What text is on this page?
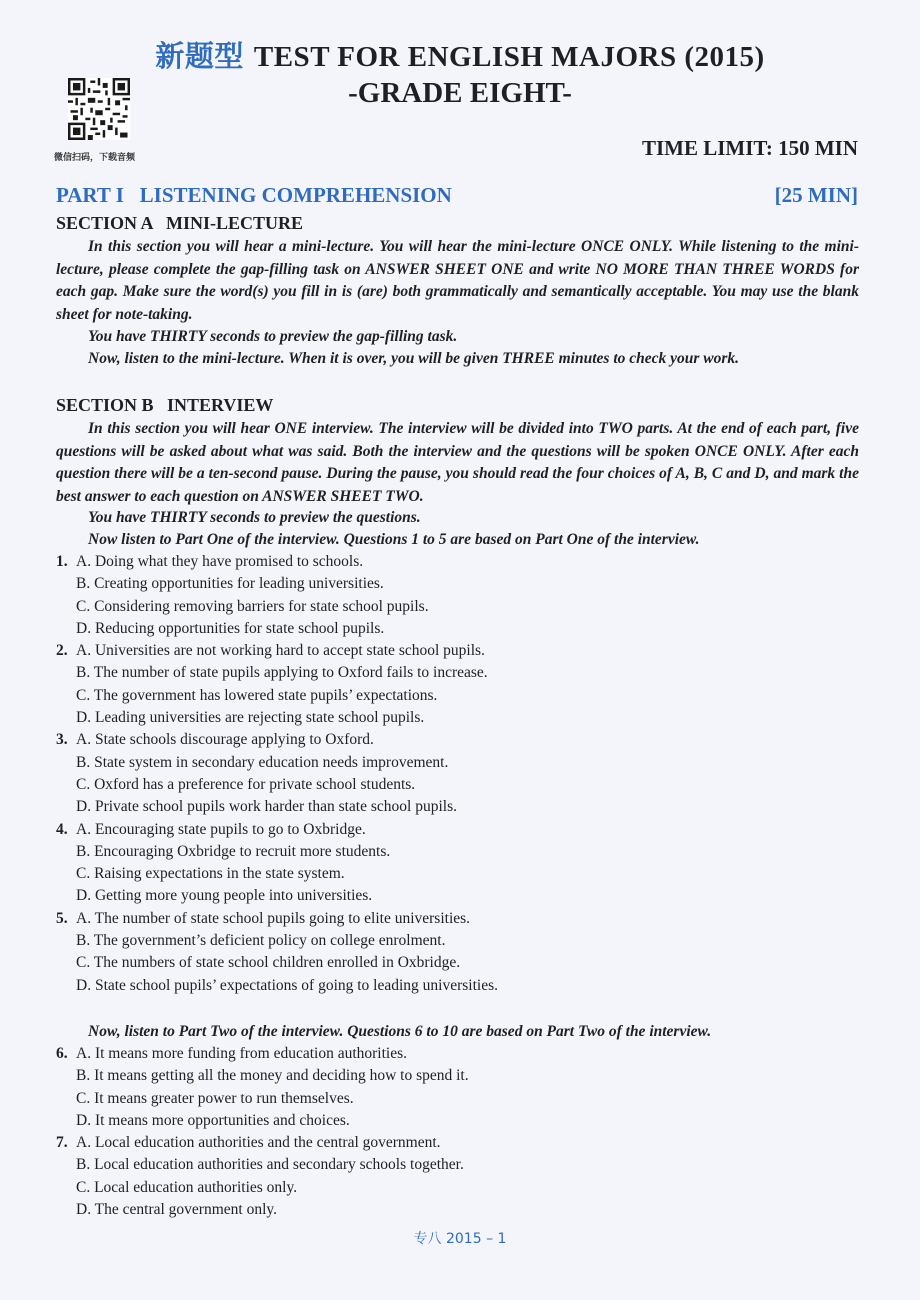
新题型 TEST FOR ENGLISH MAJORS (2015)
-GRADE EIGHT-
微信扫码，下载音频	TIME LIMIT: 150 MIN
PART I   LISTENING COMPREHENSION	[25 MIN]
SECTION A   MINI-LECTURE
In this section you will hear a mini-lecture. You will hear the mini-lecture ONCE ONLY. While listening to the mini-lecture, please complete the gap-filling task on ANSWER SHEET ONE and write NO MORE THAN THREE WORDS for each gap. Make sure the word(s) you fill in is (are) both grammatically and semantically acceptable. You may use the blank sheet for note-taking.
You have THIRTY seconds to preview the gap-filling task.
Now, listen to the mini-lecture. When it is over, you will be given THREE minutes to check your work.
SECTION B   INTERVIEW
In this section you will hear ONE interview. The interview will be divided into TWO parts. At the end of each part, five questions will be asked about what was said. Both the interview and the questions will be spoken ONCE ONLY. After each question there will be a ten-second pause. During the pause, you should read the four choices of A, B, C and D, and mark the best answer to each question on ANSWER SHEET TWO.
You have THIRTY seconds to preview the questions.
Now listen to Part One of the interview. Questions 1 to 5 are based on Part One of the interview.
1. A. Doing what they have promised to schools.
B. Creating opportunities for leading universities.
C. Considering removing barriers for state school pupils.
D. Reducing opportunities for state school pupils.
2. A. Universities are not working hard to accept state school pupils.
B. The number of state pupils applying to Oxford fails to increase.
C. The government has lowered state pupils’ expectations.
D. Leading universities are rejecting state school pupils.
3. A. State schools discourage applying to Oxford.
B. State system in secondary education needs improvement.
C. Oxford has a preference for private school students.
D. Private school pupils work harder than state school pupils.
4. A. Encouraging state pupils to go to Oxbridge.
B. Encouraging Oxbridge to recruit more students.
C. Raising expectations in the state system.
D. Getting more young people into universities.
5. A. The number of state school pupils going to elite universities.
B. The government’s deficient policy on college enrolment.
C. The numbers of state school children enrolled in Oxbridge.
D. State school pupils’ expectations of going to leading universities.
Now, listen to Part Two of the interview. Questions 6 to 10 are based on Part Two of the interview.
6. A. It means more funding from education authorities.
B. It means getting all the money and deciding how to spend it.
C. It means greater power to run themselves.
D. It means more opportunities and choices.
7. A. Local education authorities and the central government.
B. Local education authorities and secondary schools together.
C. Local education authorities only.
D. The central government only.
专八 2015 – 1
